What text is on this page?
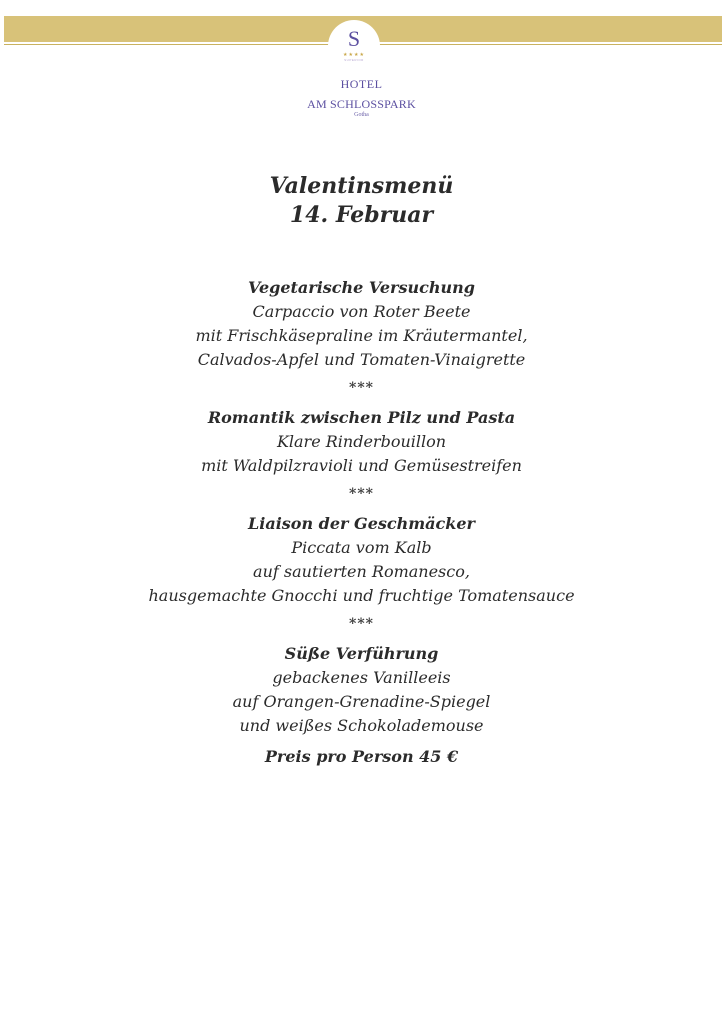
S
★★★★
SUPERIOR
HOTEL
AM SCHLOSSPARK
Gotha
Valentinsmenü
14. Februar
Vegetarische Versuchung
Carpaccio von Roter Beete
mit Frischkäsepraline im Kräutermantel,
Calvados-Apfel und Tomaten-Vinaigrette
***
Romantik zwischen Pilz und Pasta
Klare Rinderbouillon
mit Waldpilzravioli und Gemüsestreifen
***
Liaison der Geschmäcker
Piccata vom Kalb
auf sautierten Romanesco,
hausgemachte Gnocchi und fruchtige Tomatensauce
***
Süße Verführung
gebackenes Vanilleeis
auf Orangen-Grenadine-Spiegel
und weißes Schokolademouse
Preis pro Person 45 €
